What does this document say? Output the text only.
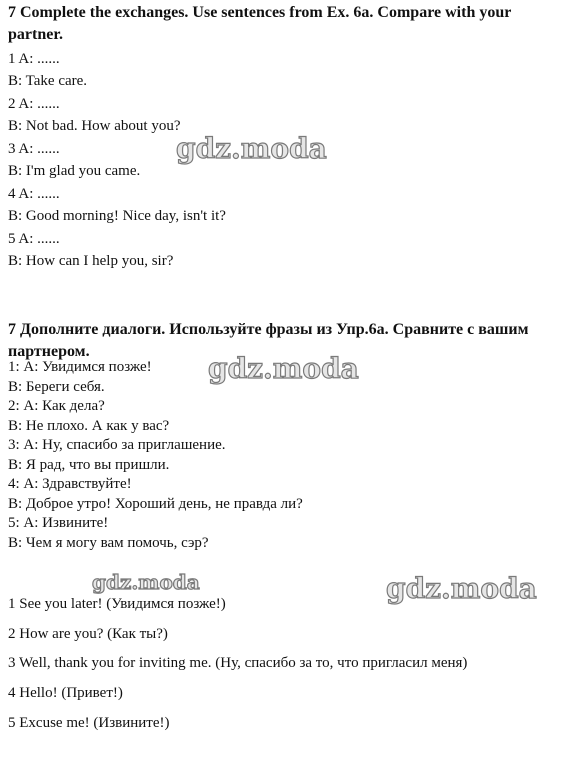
7 Complete the exchanges. Use sentences from Ex. 6a. Compare with your partner.
1 A: ......
B: Take care.
2 A: ......
B: Not bad. How about you?
3 A: ......
B: I'm glad you came.
4 A: ......
B: Good morning! Nice day, isn't it?
5 A: ......
B: How can I help you, sir?
7 Дополните диалоги. Используйте фразы из Упр.6а. Сравните с вашим партнером.
1: А: Увидимся позже!
В: Береги себя.
2: А: Как дела?
В: Не плохо. А как у вас?
3: А: Ну, спасибо за приглашение.
В: Я рад, что вы пришли.
4: А: Здравствуйте!
В: Доброе утро! Хороший день, не правда ли?
5: А: Извините!
В: Чем я могу вам помочь, сэр?
1 See you later! (Увидимся позже!)
2 How are you? (Как ты?)
3 Well, thank you for inviting me. (Ну, спасибо за то, что пригласил меня)
4 Hello! (Привет!)
5 Excuse me! (Извините!)
gdz.moda
gdz.moda
gdz.moda	gdz.moda
